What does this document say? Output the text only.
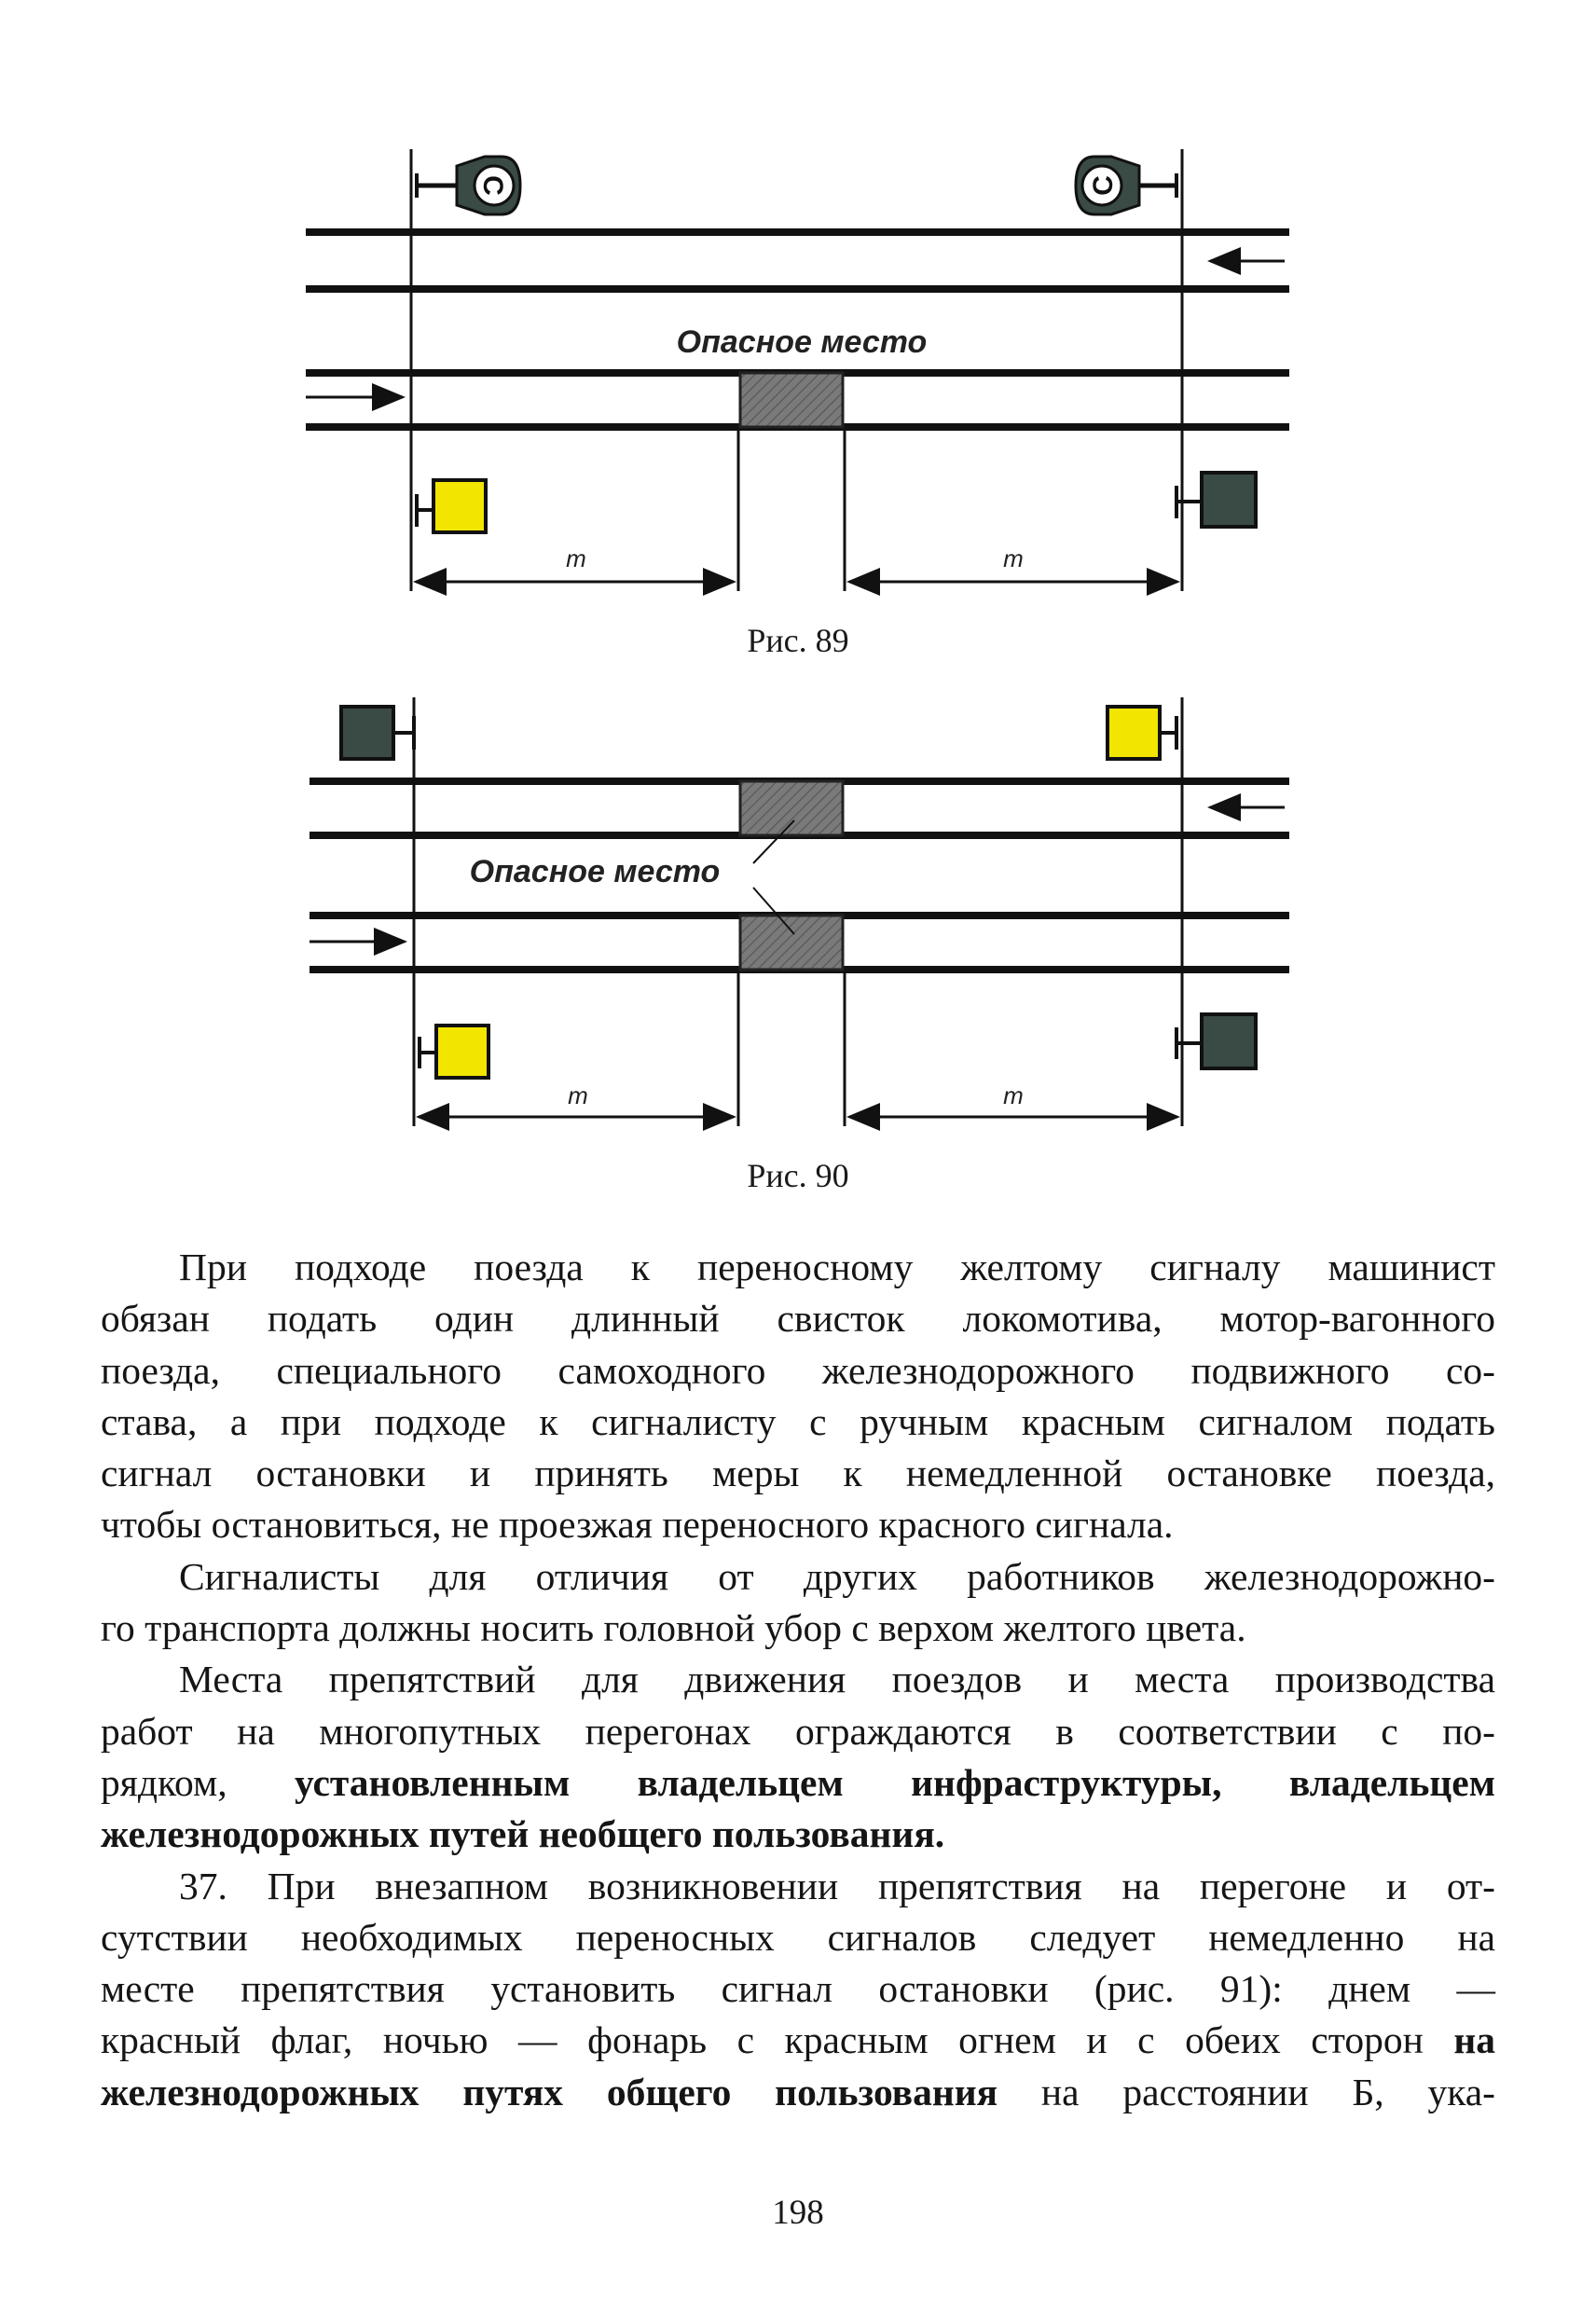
С	С
Опасное место
т	т
Рис. 89
Опасное место
т	т
Рис. 90

При подходе поезда к переносному желтому сигналу машинист

обязан подать один длинный свисток локомотива, мотор-вагонного

поезда, специального самоходного железнодорожного подвижного со-

става, а при подходе к сигналисту с ручным красным сигналом подать

сигнал остановки и принять меры к немедленной остановке поезда,

чтобы остановиться, не проезжая переносного красного сигнала.

Сигналисты для отличия от других работников железнодорожно-

го транспорта должны носить головной убор с верхом желтого цвета.

Места препятствий для движения поездов и места производства

работ на многопутных перегонах ограждаются в соответствии с по-

рядком, установленным владельцем инфраструктуры, владельцем

железнодорожных путей необщего пользования.

37. При внезапном возникновении препятствия на перегоне и от-

сутствии необходимых переносных сигналов следует немедленно на

месте препятствия установить сигнал остановки (рис. 91): днем —

красный флаг, ночью — фонарь с красным огнем и с обеих сторон на

железнодорожных путях общего пользования на расстоянии Б, ука-

198
